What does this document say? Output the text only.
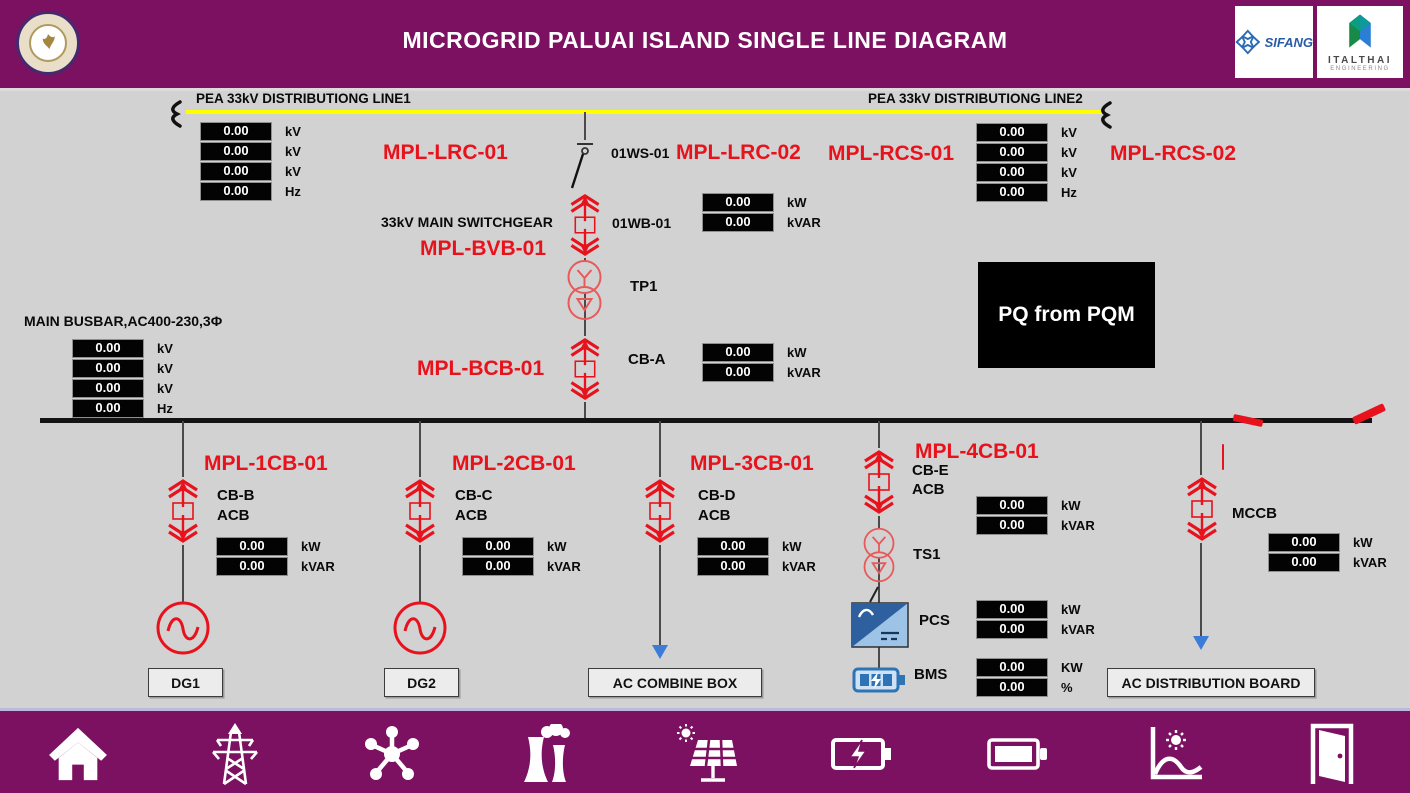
MICROGRID PALUAI ISLAND SINGLE LINE DIAGRAM	SIFANG
ITALTHAI
ENGINEERING
PEA 33kV DISTRIBUTIONG LINE1	PEA 33kV DISTRIBUTIONG LINE2
0.00	kV
0.00	kV
0.00	kV
0.00	Hz
0.00	kV
0.00	kV
0.00	kV
0.00	Hz
MPL-LRC-01	MPL-LRC-02 MPL-RCS-01	MPL-RCS-02
MPL-BVB-01
MPL-BCB-01
01WS-01
33kV MAIN SWITCHGEAR	01WB-01
0.00	kW
0.00	kVAR
TP1
PQ from PQM
CB-A	0.00	kW
0.00	kVAR
MAIN BUSBAR,AC400-230,3Φ
0.00	kV
0.00	kV
0.00	kV
0.00	Hz
MPL-1CB-01
CB-B
ACB
0.00	kW
0.00	kVAR
DG1
MPL-2CB-01
CB-C
ACB
0.00	kW
0.00	kVAR
DG2
MPL-3CB-01
CB-D
ACB
0.00	kW
0.00	kVAR
AC COMBINE BOX
MPL-4CB-01
CB-E
ACB
0.00	kW
0.00	kVAR
TS1
PCS
0.00	kW
0.00	kVAR
BMS	0.00	KW
0.00	%
MCCB
0.00	kW
0.00	kVAR
AC DISTRIBUTION BOARD
